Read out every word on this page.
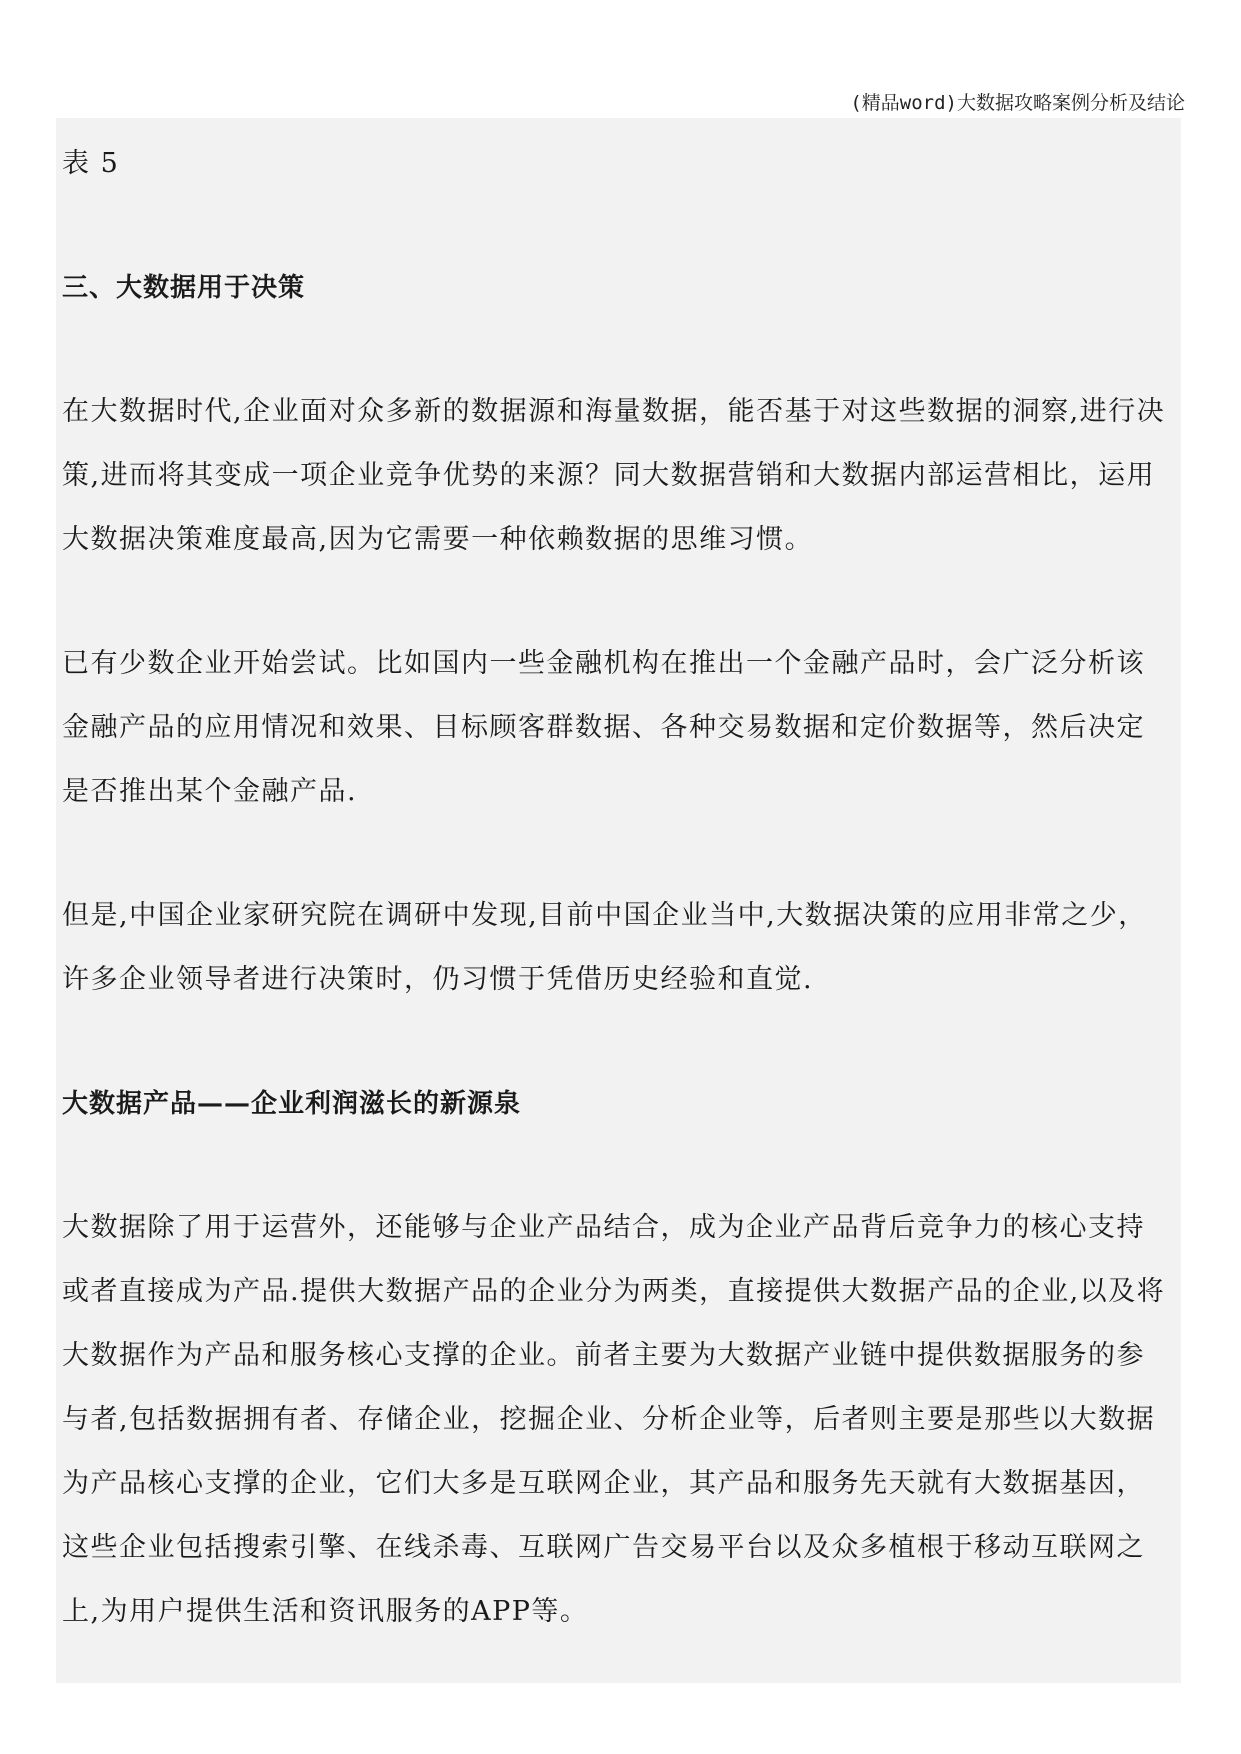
(精品word)大数据攻略案例分析及结论

表 5

三、大数据用于决策

在大数据时代,企业面对众多新的数据源和海量数据，能否基于对这些数据的洞察,进行决策,进而将其变成一项企业竞争优势的来源？同大数据营销和大数据内部运营相比，运用大数据决策难度最高,因为它需要一种依赖数据的思维习惯。

已有少数企业开始尝试。比如国内一些金融机构在推出一个金融产品时，会广泛分析该金融产品的应用情况和效果、目标顾客群数据、各种交易数据和定价数据等，然后决定是否推出某个金融产品.

但是,中国企业家研究院在调研中发现,目前中国企业当中,大数据决策的应用非常之少，许多企业领导者进行决策时，仍习惯于凭借历史经验和直觉.

大数据产品——企业利润滋长的新源泉

大数据除了用于运营外，还能够与企业产品结合，成为企业产品背后竞争力的核心支持或者直接成为产品.提供大数据产品的企业分为两类，直接提供大数据产品的企业,以及将大数据作为产品和服务核心支撑的企业。前者主要为大数据产业链中提供数据服务的参与者,包括数据拥有者、存储企业，挖掘企业、分析企业等，后者则主要是那些以大数据为产品核心支撑的企业，它们大多是互联网企业，其产品和服务先天就有大数据基因，这些企业包括搜索引擎、在线杀毒、互联网广告交易平台以及众多植根于移动互联网之上,为用户提供生活和资讯服务的APP等。
